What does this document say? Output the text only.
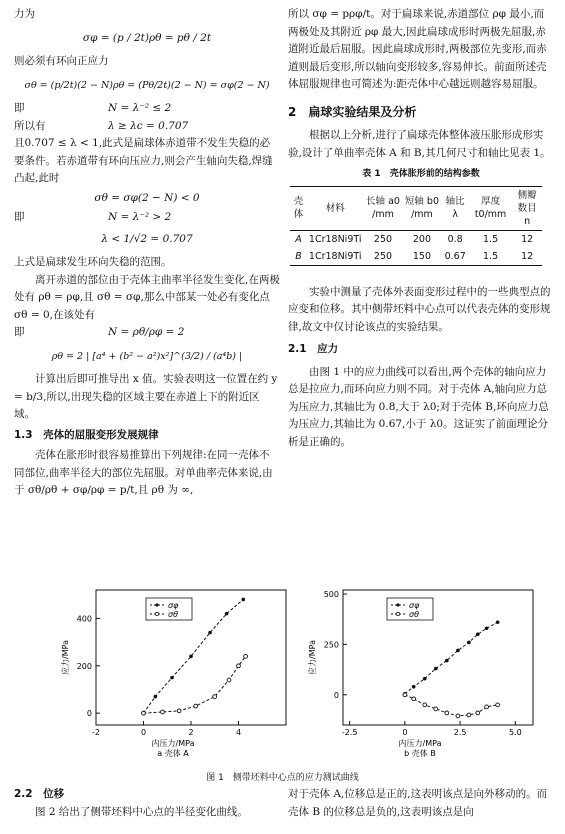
力为

σφ = (p / 2t)ρθ = pθ / 2t

则必须有环向正应力

σθ = (p/2t)(2 − N)ρθ = (Pθ/2t)(2 − N) = σφ(2 − N)

即	N = λ⁻² ≤ 2

所以有	λ ≥ λc = 0.707

且0.707 ≤ λ < 1,此式是扁球体赤道带不发生失稳的必要条件。若赤道带有环向压应力,则会产生轴向失稳,焊缝凸起,此时

σθ = σφ(2 − N) < 0

即	N = λ⁻² > 2

λ < 1/√2 = 0.707

上式是扁球发生环向失稳的范围。

离开赤道的部位由于壳体主曲率半径发生变化,在两极处有 ρθ = ρφ,且 σθ = σφ,那么中部某一处必有变化点 σθ = 0,在该处有

即	N = ρθ/ρφ = 2

ρθ = 2 | [a⁴ + (b² − a²)x²]^(3/2) / (a⁴b) |

计算出后即可推导出 x 值。实验表明这一位置在约 y = b/3,所以,出现失稳的区域主要在赤道上下的附近区域。

1.3　壳体的屈服变形发展规律

壳体在胀形时很容易推算出下列规律:在同一壳体不同部位,曲率半径大的部位先屈服。对单曲率壳体来说,由于 σθ/ρθ + σφ/ρφ = p/t,且 ρθ 为 ∞,

所以 σφ = pρφ/t。对于扁球来说,赤道部位 ρφ 最小,而两极处及其附近 ρφ 最大,因此扁球成形时两极先屈服,赤道附近最后屈服。因此扁球成形时,两极部位先变形,而赤道则最后变形,所以轴向变形较多,容易伸长。前面所述壳体屈服规律也可简述为:距壳体中心越远则越容易屈服。

2　扁球实验结果及分析

根据以上分析,进行了扁球壳体整体液压胀形成形实验,设计了单曲率壳体 A 和 B,其几何尺寸和轴比见表 1。

表 1　壳体胀形前的结构参数

壳体	材料	长轴 a0 /mm	短轴 b0 /mm	轴比 λ	厚度 t0/mm	侧瓣 数目 n

A	1Cr18Ni9Ti	250	200	0.8	1.5	12
B	1Cr18Ni9Ti	250	150	0.67	1.5	12

实验中测量了壳体外表面变形过程中的一些典型点的应变和位移。其中侧带坯料中心点可以代表壳体的变形规律,故文中仅讨论该点的实验结果。

2.1　应力

由图 1 中的应力曲线可以看出,两个壳体的轴向应力总是拉应力,而环向应力则不同。对于壳体 A,轴向应力总为压应力,其轴比为 0.8,大于 λ0;对于壳体 B,环向应力总为压应力,其轴比为 0.67,小于 λ0。这证实了前面理论分析是正确的。

-2	0	2	4
0
200
400
内压力/MPa
a 壳体 A
应力/MPa
σφ
σθ
-2.5	0	2.5	5.0
0
250
500
内压力/MPa
b 壳体 B
应力/MPa
σφ
σθ
图 1　侧带坯料中心点的应力测试曲线

2.2　位移

图 2 给出了侧带坯料中心点的半径变化曲线。

对于壳体 A,位移总是正的,这表明该点是向外移动的。而壳体 B 的位移总是负的,这表明该点是向
